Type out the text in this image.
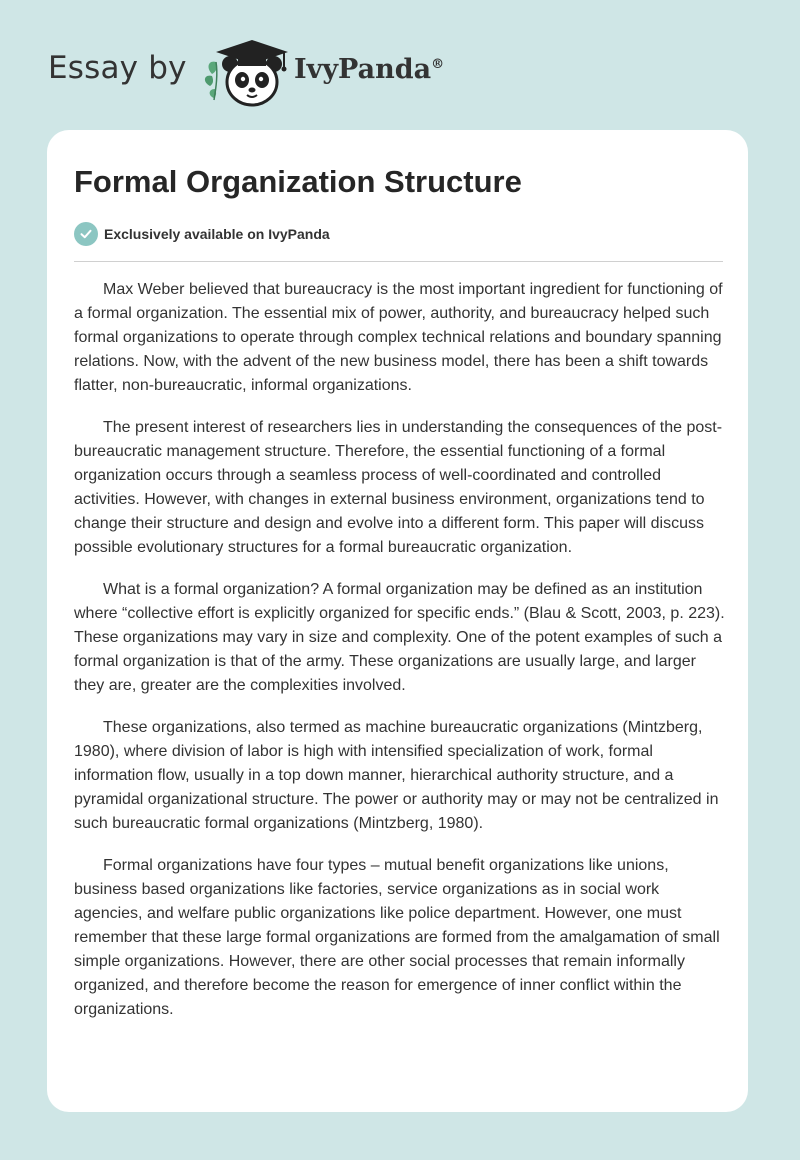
Essay by	IvyPanda®
Formal Organization Structure
Exclusively available on IvyPanda

Max Weber believed that bureaucracy is the most important ingredient for functioning of a formal organization. The essential mix of power, authority, and bureaucracy helped such formal organizations to operate through complex technical relations and boundary spanning relations. Now, with the advent of the new business model, there has been a shift towards flatter, non-bureaucratic, informal organizations.

The present interest of researchers lies in understanding the consequences of the post-bureaucratic management structure. Therefore, the essential functioning of a formal organization occurs through a seamless process of well-coordinated and controlled activities. However, with changes in external business environment, organizations tend to change their structure and design and evolve into a different form. This paper will discuss possible evolutionary structures for a formal bureaucratic organization.

What is a formal organization? A formal organization may be defined as an institution where “collective effort is explicitly organized for specific ends.” (Blau & Scott, 2003, p. 223). These organizations may vary in size and complexity. One of the potent examples of such a formal organization is that of the army. These organizations are usually large, and larger they are, greater are the complexities involved.

These organizations, also termed as machine bureaucratic organizations (Mintzberg, 1980), where division of labor is high with intensified specialization of work, formal information flow, usually in a top down manner, hierarchical authority structure, and a pyramidal organizational structure. The power or authority may or may not be centralized in such bureaucratic formal organizations (Mintzberg, 1980).

Formal organizations have four types – mutual benefit organizations like unions, business based organizations like factories, service organizations as in social work agencies, and welfare public organizations like police department. However, one must remember that these large formal organizations are formed from the amalgamation of small simple organizations. However, there are other social processes that remain informally organized, and therefore become the reason for emergence of inner conflict within the organizations.
